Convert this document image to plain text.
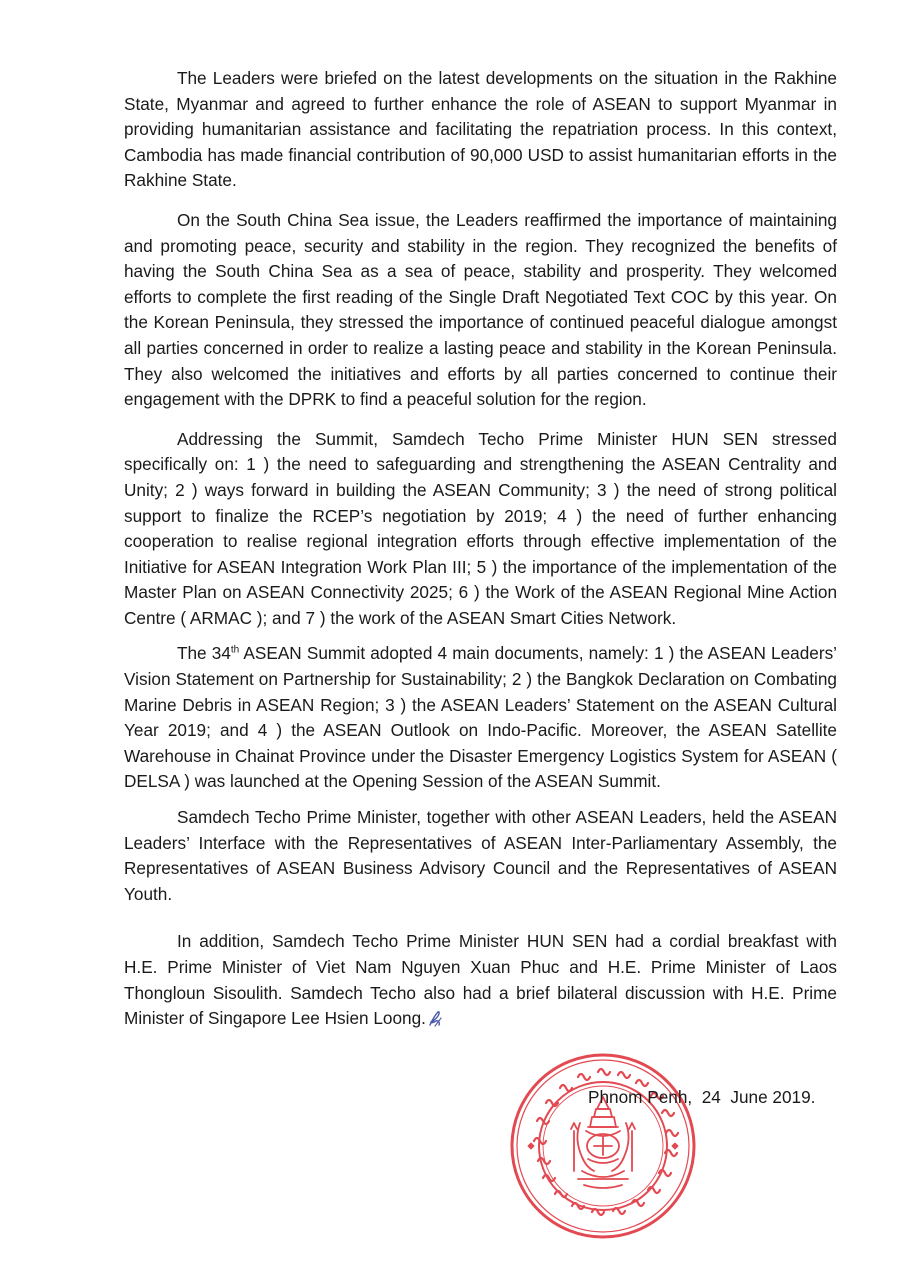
The Leaders were briefed on the latest developments on the situation in the Rakhine State, Myanmar and agreed to further enhance the role of ASEAN to support Myanmar in providing humanitarian assistance and facilitating the repatriation process. In this context, Cambodia has made financial contribution of 90,000 USD to assist humanitarian efforts in the Rakhine State.

On the South China Sea issue, the Leaders reaffirmed the importance of maintaining and promoting peace, security and stability in the region. They recognized the benefits of having the South China Sea as a sea of peace, stability and prosperity. They welcomed efforts to complete the first reading of the Single Draft Negotiated Text COC by this year. On the Korean Peninsula, they stressed the importance of continued peaceful dialogue amongst all parties concerned in order to realize a lasting peace and stability in the Korean Peninsula. They also welcomed the initiatives and efforts by all parties concerned to continue their engagement with the DPRK to find a peaceful solution for the region.

Addressing the Summit, Samdech Techo Prime Minister HUN SEN stressed specifically on: 1 ) the need to safeguarding and strengthening the ASEAN Centrality and Unity; 2 ) ways forward in building the ASEAN Community; 3 ) the need of strong political support to finalize the RCEP’s negotiation by 2019; 4 ) the need of further enhancing cooperation to realise regional integration efforts through effective implementation of the Initiative for ASEAN Integration Work Plan III; 5 ) the importance of the implementation of the Master Plan on ASEAN Connectivity 2025; 6 ) the Work of the ASEAN Regional Mine Action Centre ( ARMAC ); and 7 ) the work of the ASEAN Smart Cities Network.

The 34th ASEAN Summit adopted 4 main documents, namely: 1 ) the ASEAN Leaders’ Vision Statement on Partnership for Sustainability; 2 ) the Bangkok Declaration on Combating Marine Debris in ASEAN Region; 3 ) the ASEAN Leaders’ Statement on the ASEAN Cultural Year 2019; and 4 ) the ASEAN Outlook on Indo-Pacific. Moreover, the ASEAN Satellite Warehouse in Chainat Province under the Disaster Emergency Logistics System for ASEAN ( DELSA ) was launched at the Opening Session of the ASEAN Summit.

Samdech Techo Prime Minister, together with other ASEAN Leaders, held the ASEAN Leaders’ Interface with the Representatives of ASEAN Inter-Parliamentary Assembly, the Representatives of ASEAN Business Advisory Council and the Representatives of ASEAN Youth.

In addition, Samdech Techo Prime Minister HUN SEN had a cordial breakfast with H.E. Prime Minister of Viet Nam Nguyen Xuan Phuc and H.E. Prime Minister of Laos Thongloun Sisoulith. Samdech Techo also had a brief bilateral discussion with H.E. Prime Minister of Singapore Lee Hsien Loong.

Phnom Penh,  24  June 2019.
